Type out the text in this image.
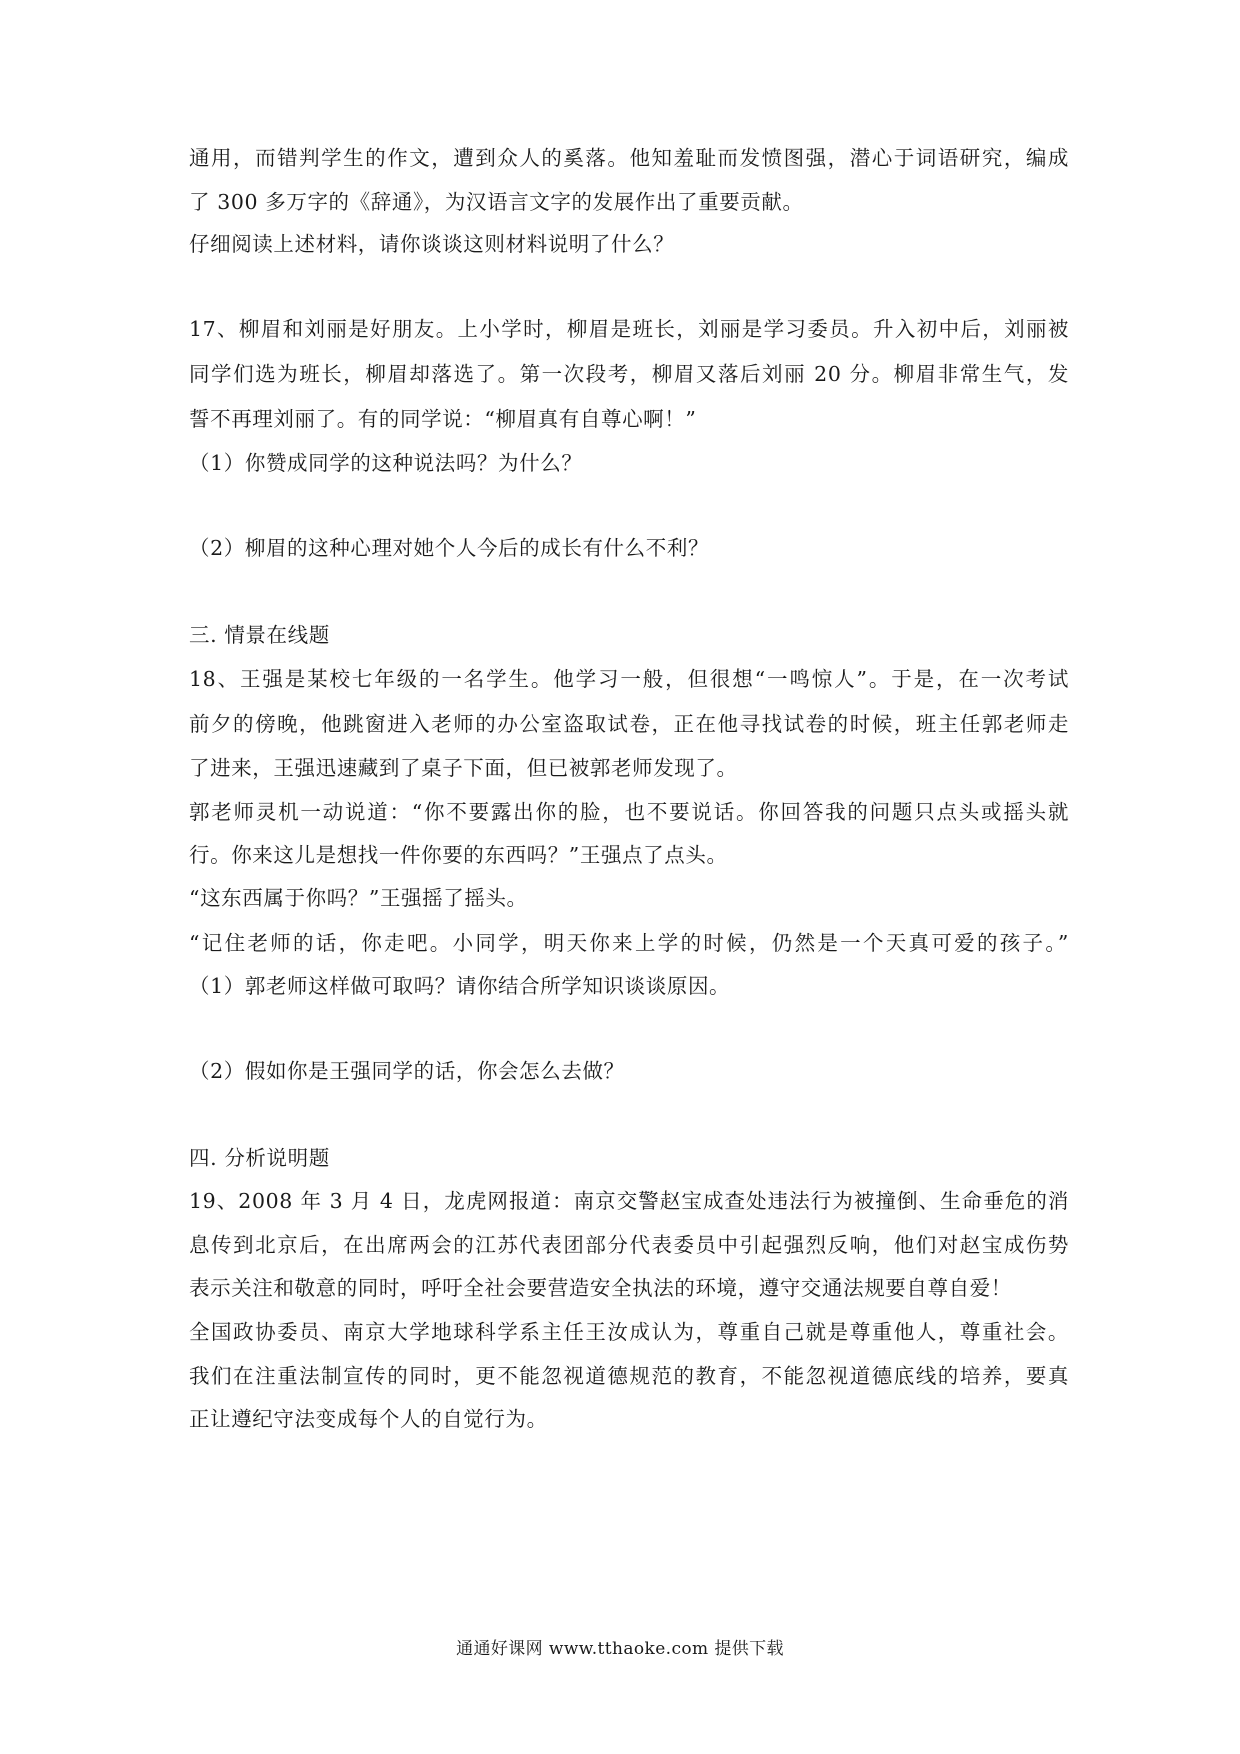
通用，而错判学生的作文，遭到众人的奚落。他知羞耻而发愤图强，潜心于词语研究，编成
了 300 多万字的《辞通》，为汉语言文字的发展作出了重要贡献。
仔细阅读上述材料，请你谈谈这则材料说明了什么？
17、柳眉和刘丽是好朋友。上小学时，柳眉是班长，刘丽是学习委员。升入初中后，刘丽被
同学们选为班长，柳眉却落选了。第一次段考，柳眉又落后刘丽 20 分。柳眉非常生气，发
誓不再理刘丽了。有的同学说：“柳眉真有自尊心啊！”
（1）你赞成同学的这种说法吗？为什么？
（2）柳眉的这种心理对她个人今后的成长有什么不利？
三. 情景在线题
18、王强是某校七年级的一名学生。他学习一般，但很想“一鸣惊人”。于是，在一次考试
前夕的傍晚，他跳窗进入老师的办公室盗取试卷，正在他寻找试卷的时候，班主任郭老师走
了进来，王强迅速藏到了桌子下面，但已被郭老师发现了。
郭老师灵机一动说道：“你不要露出你的脸，也不要说话。你回答我的问题只点头或摇头就
行。你来这儿是想找一件你要的东西吗？”王强点了点头。
“这东西属于你吗？”王强摇了摇头。
“记住老师的话，你走吧。小同学，明天你来上学的时候，仍然是一个天真可爱的孩子。”
（1）郭老师这样做可取吗？请你结合所学知识谈谈原因。
（2）假如你是王强同学的话，你会怎么去做？
四. 分析说明题
19、2008 年 3 月 4 日，龙虎网报道：南京交警赵宝成查处违法行为被撞倒、生命垂危的消
息传到北京后，在出席两会的江苏代表团部分代表委员中引起强烈反响，他们对赵宝成伤势
表示关注和敬意的同时，呼吁全社会要营造安全执法的环境，遵守交通法规要自尊自爱！
全国政协委员、南京大学地球科学系主任王汝成认为，尊重自己就是尊重他人，尊重社会。
我们在注重法制宣传的同时，更不能忽视道德规范的教育，不能忽视道德底线的培养，要真
正让遵纪守法变成每个人的自觉行为。
通通好课网 www.tthaoke.com 提供下载
